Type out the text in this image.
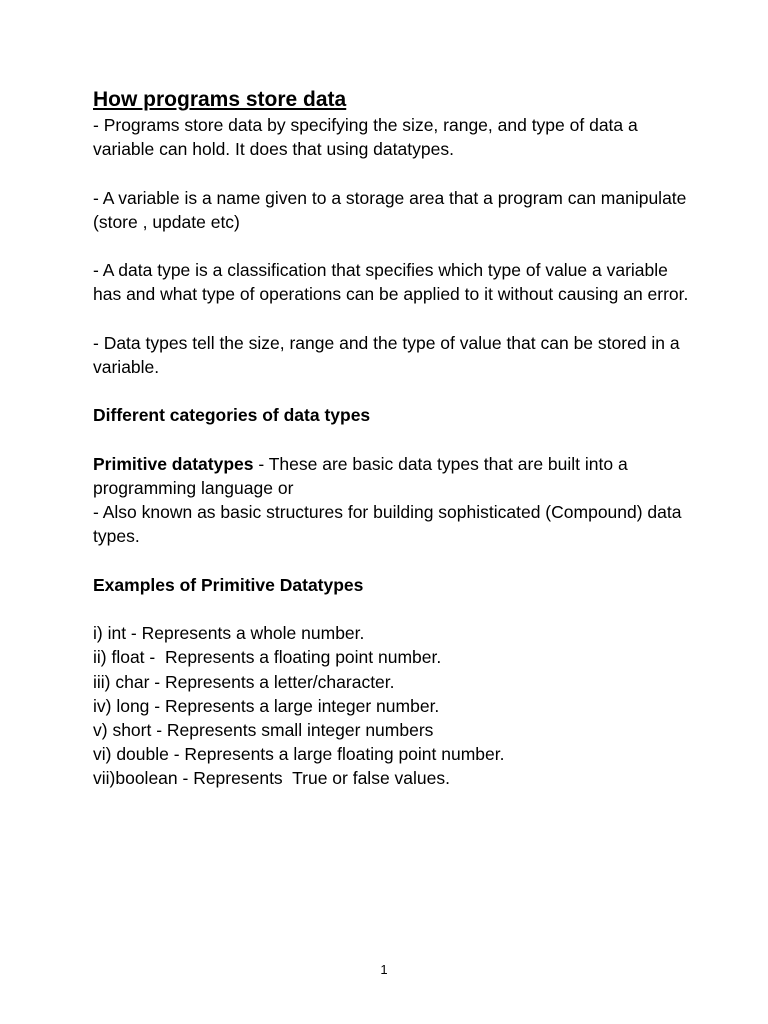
How programs store data

- Programs store data by specifying the size, range, and type of data a variable can hold. It does that using datatypes.

- A variable is a name given to a storage area that a program can manipulate (store , update etc)

- A data type is a classification that specifies which type of value a variable has and what type of operations can be applied to it without causing an error.

- Data types tell the size, range and the type of value that can be stored in a variable.

Different categories of data types

Primitive datatypes - These are basic data types that are built into a programming language or

- Also known as basic structures for building sophisticated (Compound) data types.

Examples of Primitive Datatypes

i) int - Represents a whole number.

ii) float -  Represents a floating point number.

iii) char - Represents a letter/character.

iv) long - Represents a large integer number.

v) short - Represents small integer numbers

vi) double - Represents a large floating point number.

vii)boolean - Represents  True or false values.

1
